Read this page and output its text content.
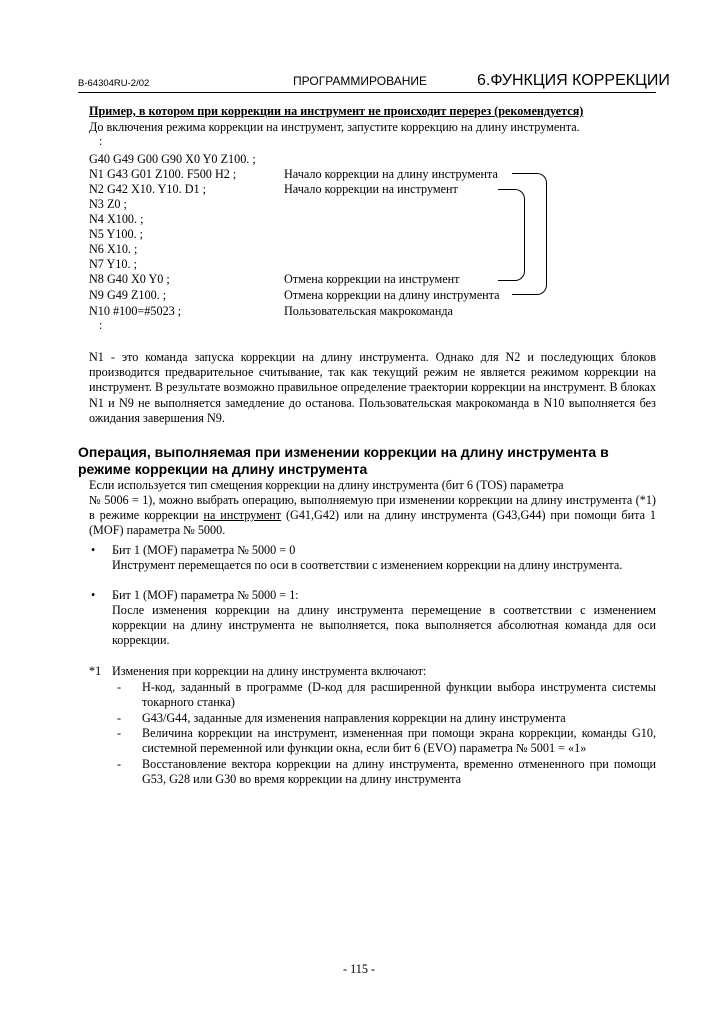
B-64304RU-2/02	ПРОГРАММИРОВАНИЕ	6.ФУНКЦИЯ КОРРЕКЦИИ
Пример, в котором при коррекции на инструмент не происходит перерез (рекомендуется)
До включения режима коррекции на инструмент, запустите коррекцию на длину инструмента.
:
G40 G49 G00 G90 X0 Y0 Z100. ;
N1 G43 G01 Z100. F500 H2 ;	Начало коррекции на длину инструмента
N2 G42 X10. Y10. D1 ;	Начало коррекции на инструмент
N3 Z0 ;
N4 X100. ;
N5 Y100. ;
N6 X10. ;
N7 Y10. ;
N8 G40 X0 Y0 ;	Отмена коррекции на инструмент
N9 G49 Z100. ;	Отмена коррекции на длину инструмента
N10 #100=#5023 ;	Пользовательская макрокоманда
:
N1 - это команда запуска коррекции на длину инструмента. Однако для N2 и последующих блоков производится предварительное считывание, так как текущий режим не является режимом коррекции на инструмент. В результате возможно правильное определение траектории коррекции на инструмент. В блоках N1 и N9 не выполняется замедление до останова. Пользовательская макрокоманда в N10 выполняется без ожидания завершения N9.
Операция, выполняемая при изменении коррекции на длину инструмента в
режиме коррекции на длину инструмента
Если используется тип смещения коррекции на длину инструмента (бит 6 (TOS) параметра
№ 5006 = 1), можно выбрать операцию, выполняемую при изменении коррекции на длину инструмента (*1) в режиме коррекции на инструмент (G41,G42) или на длину инструмента (G43,G44) при помощи бита 1 (MOF) параметра № 5000.
• Бит 1 (MOF) параметра № 5000 = 0
Инструмент перемещается по оси в соответствии с изменением коррекции на длину инструмента.
• Бит 1 (MOF) параметра № 5000 = 1:
После изменения коррекции на длину инструмента перемещение в соответствии с изменением коррекции на длину инструмента не выполняется, пока выполняется абсолютная команда для оси коррекции.
*1 Изменения при коррекции на длину инструмента включают:
- Н-код, заданный в программе (D-код для расширенной функции выбора инструмента системы токарного станка)
- G43/G44, заданные для изменения направления коррекции на длину инструмента
- Величина коррекции на инструмент, измененная при помощи экрана коррекции, команды G10, системной переменной или функции окна, если бит 6 (EVO) параметра № 5001 = «1»
- Восстановление вектора коррекции на длину инструмента, временно отмененного при помощи G53, G28 или G30 во время коррекции на длину инструмента
- 115 -
